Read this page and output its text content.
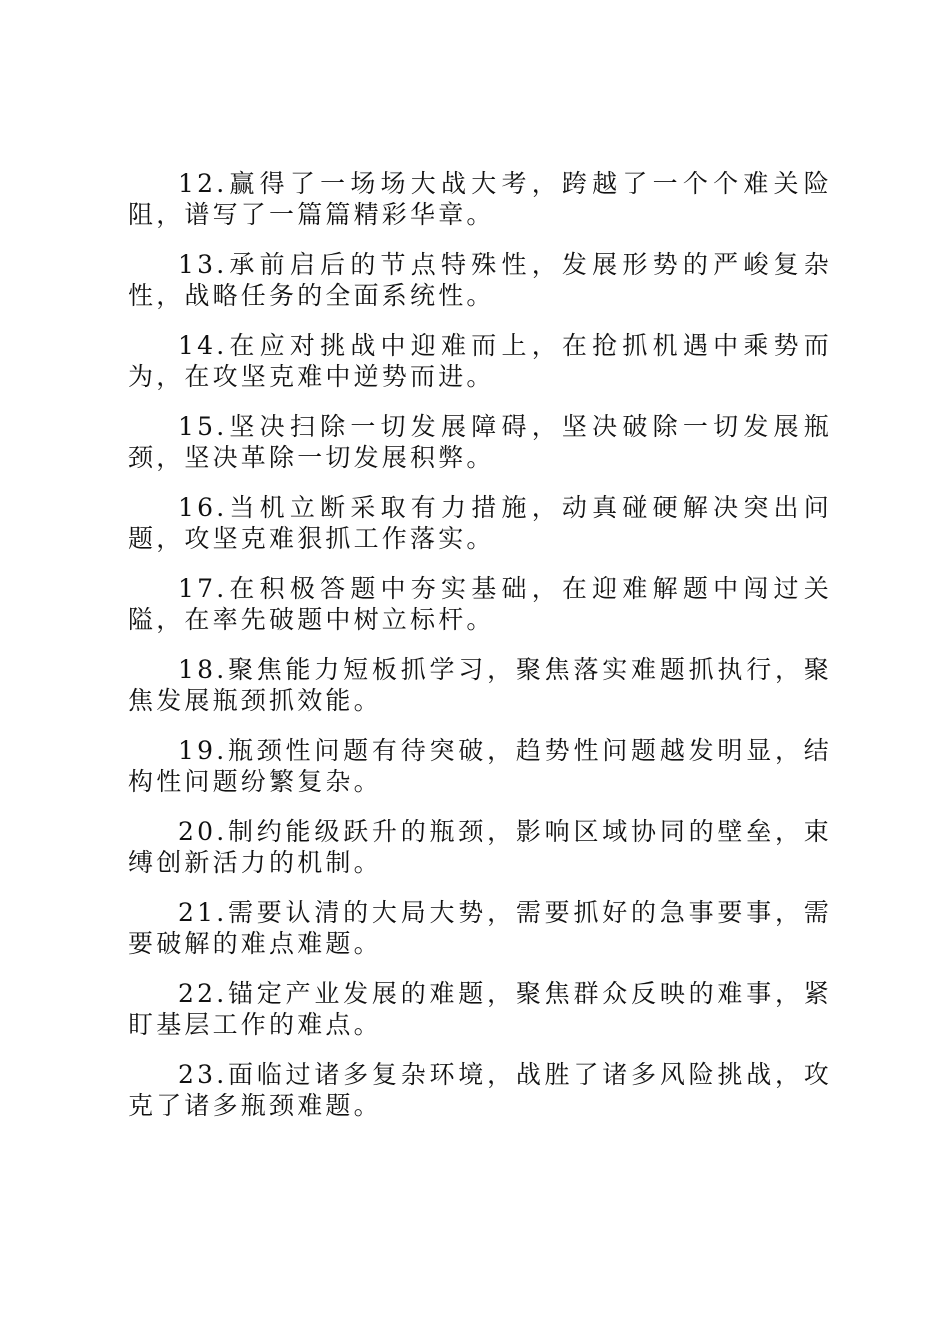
12.赢得了一场场大战大考，跨越了一个个难关险阻，谱写了一篇篇精彩华章。

13.承前启后的节点特殊性，发展形势的严峻复杂性，战略任务的全面系统性。

14.在应对挑战中迎难而上，在抢抓机遇中乘势而为，在攻坚克难中逆势而进。

15.坚决扫除一切发展障碍，坚决破除一切发展瓶颈，坚决革除一切发展积弊。

16.当机立断采取有力措施，动真碰硬解决突出问题，攻坚克难狠抓工作落实。

17.在积极答题中夯实基础，在迎难解题中闯过关隘，在率先破题中树立标杆。

18.聚焦能力短板抓学习，聚焦落实难题抓执行，聚焦发展瓶颈抓效能。

19.瓶颈性问题有待突破，趋势性问题越发明显，结构性问题纷繁复杂。

20.制约能级跃升的瓶颈，影响区域协同的壁垒，束缚创新活力的机制。

21.需要认清的大局大势，需要抓好的急事要事，需要破解的难点难题。

22.锚定产业发展的难题，聚焦群众反映的难事，紧盯基层工作的难点。

23.面临过诸多复杂环境，战胜了诸多风险挑战，攻克了诸多瓶颈难题。
